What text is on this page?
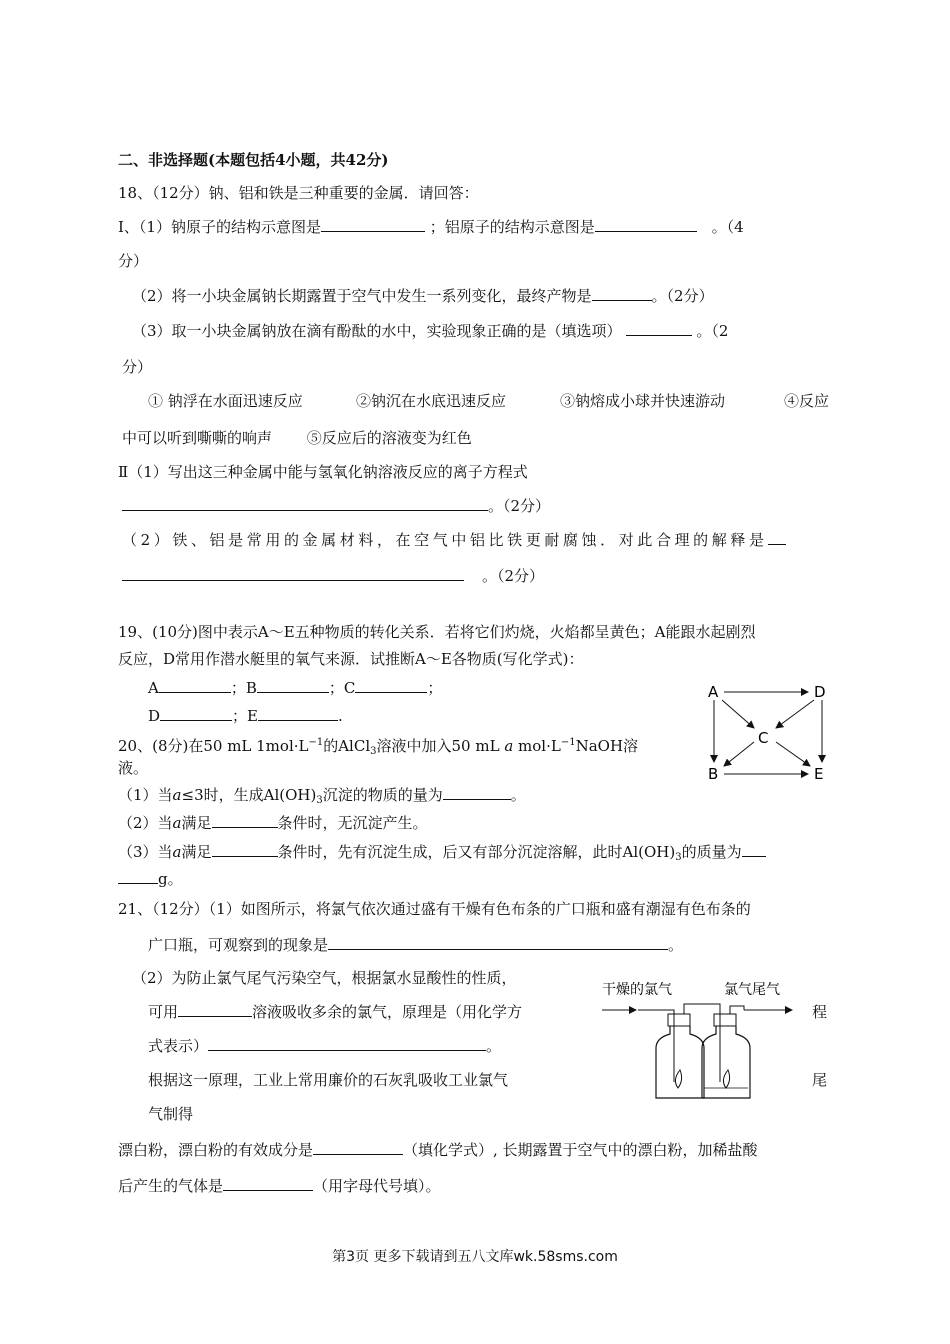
二、非选择题(本题包括4小题，共42分)
18、（12分）钠、铝和铁是三种重要的金属．请回答：
Ⅰ、（1）钠原子的结构示意图是	；铝原子的结构示意图是	。（4
分）
（2）将一小块金属钠长期露置于空气中发生一系列变化，最终产物是	。（2分）
（3）取一小块金属钠放在滴有酚酞的水中，实验现象正确的是（填选项）	。（2
分）
① 钠浮在水面迅速反应	②钠沉在水底迅速反应	③钠熔成小球并快速游动	④反应
中可以听到嘶嘶的响声 ⑤反应后的溶液变为红色
Ⅱ（1）写出这三种金属中能与氢氧化钠溶液反应的离子方程式
。（2分）
（2）铁、铝是常用的金属材料，在空气中铝比铁更耐腐蚀．对此合理的解释是
。（2分）
19、(10分)图中表示A～E五种物质的转化关系．若将它们灼烧，火焰都呈黄色；A能跟水起剧烈
反应，D常用作潜水艇里的氧气来源．试推断A～E各物质(写化学式)：
A	；B	；C	；
D	；E	.
A	D
C
B	E
20、(8分)在50 mL $1mol\cdot L^{-1}$的AlCl$_3$溶液中加入50 mL a $mol\cdot L^{-1}NaOH$溶
液。
（1）当a≤3时，生成$Al(OH)_3$沉淀的物质的量为	。
（2）当a满足	条件时，无沉淀产生。
（3）当a满足	条件时，先有沉淀生成，后又有部分沉淀溶解，此时$Al(OH)_3$的质量为
g。
21、（12分）（1）如图所示，将氯气依次通过盛有干燥有色布条的广口瓶和盛有潮湿有色布条的
广口瓶，可观察到的现象是	。
（2）为防止氯气尾气污染空气，根据氯水显酸性的性质，
可用	溶液吸收多余的氯气，原理是（用化学方	程
式表示）	。
根据这一原理，工业上常用廉价的石灰乳吸收工业氯气	尾
气制得
漂白粉，漂白粉的有效成分是	（填化学式）, 长期露置于空气中的漂白粉，加稀盐酸
后产生的气体是	（用字母代号填）。
干燥的氯气	氯气尾气
第3页 更多下载请到五八文库wk.58sms.com
